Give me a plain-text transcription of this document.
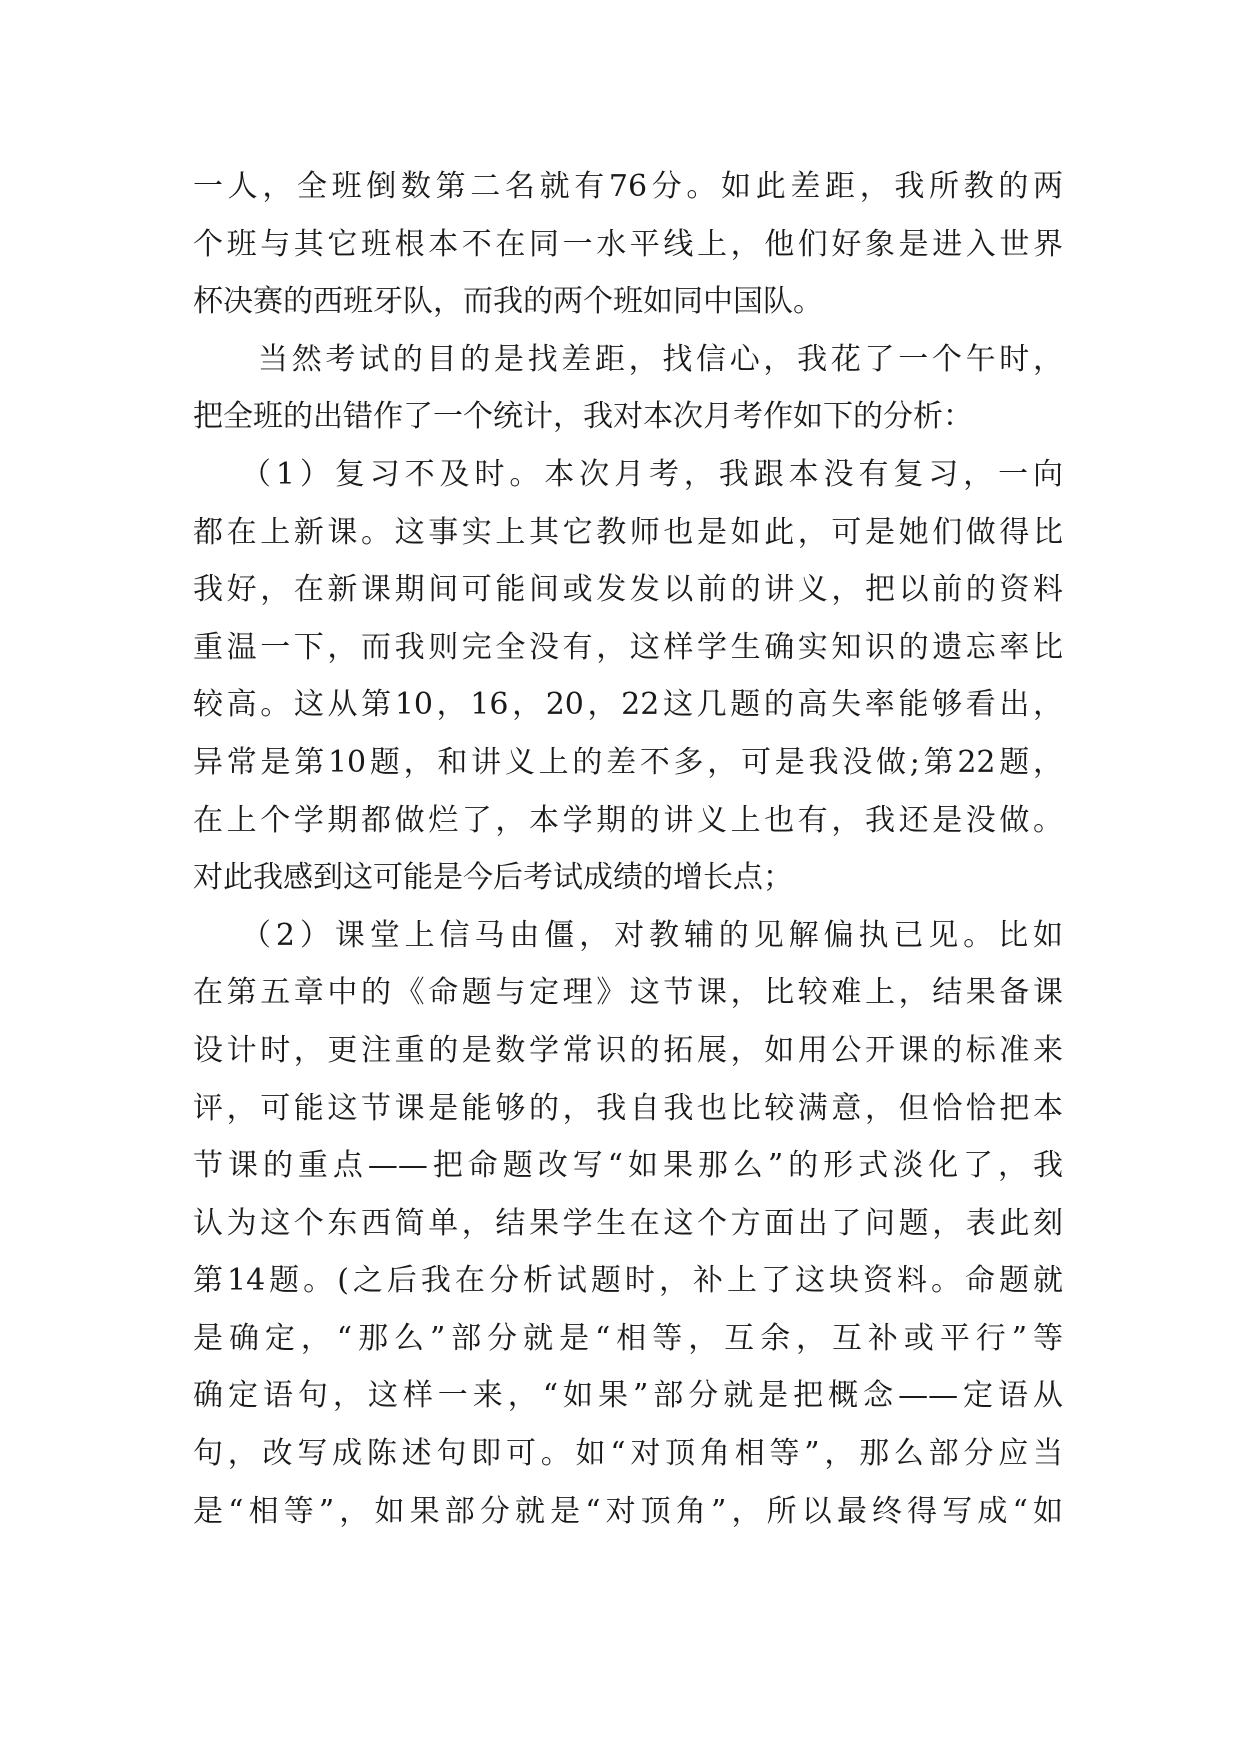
一人，全班倒数第二名就有76分。如此差距，我所教的两
个班与其它班根本不在同一水平线上，他们好象是进入世界
杯决赛的西班牙队，而我的两个班如同中国队。
当然考试的目的是找差距，找信心，我花了一个午时，
把全班的出错作了一个统计，我对本次月考作如下的分析：
（1）复习不及时。本次月考，我跟本没有复习，一向
都在上新课。这事实上其它教师也是如此，可是她们做得比
我好，在新课期间可能间或发发以前的讲义，把以前的资料
重温一下，而我则完全没有，这样学生确实知识的遗忘率比
较高。这从第10，16，20，22这几题的高失率能够看出，
异常是第10题，和讲义上的差不多，可是我没做;第22题，
在上个学期都做烂了，本学期的讲义上也有，我还是没做。
对此我感到这可能是今后考试成绩的增长点；
（2）课堂上信马由僵，对教辅的见解偏执已见。比如
在第五章中的《命题与定理》这节课，比较难上，结果备课
设计时，更注重的是数学常识的拓展，如用公开课的标准来
评，可能这节课是能够的，我自我也比较满意，但恰恰把本
节课的重点——把命题改写“如果那么”的形式淡化了，我
认为这个东西简单，结果学生在这个方面出了问题，表此刻
第14题。(之后我在分析试题时，补上了这块资料。命题就
是确定，“那么”部分就是“相等，互余，互补或平行”等
确定语句，这样一来，“如果”部分就是把概念——定语从
句，改写成陈述句即可。如“对顶角相等”，那么部分应当
是“相等”，如果部分就是“对顶角”，所以最终得写成“如
